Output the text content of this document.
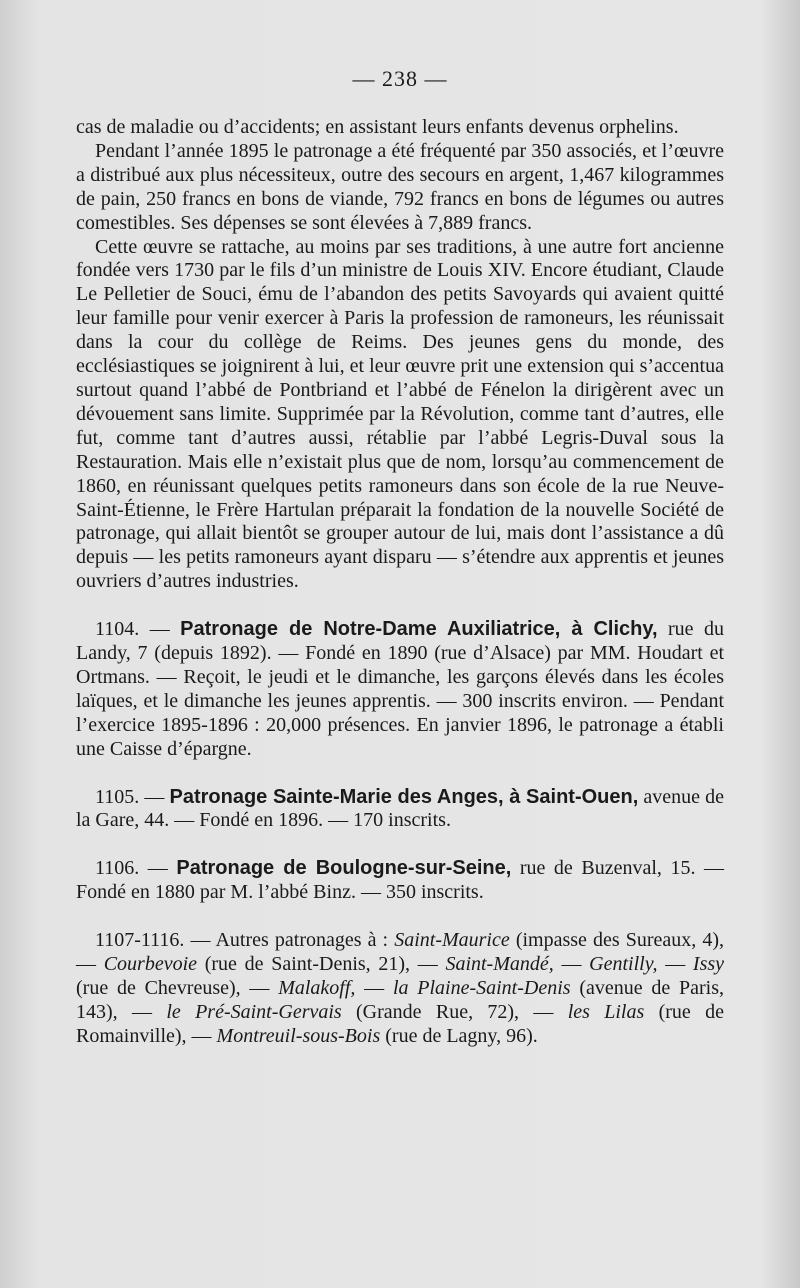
— 238 —

cas de maladie ou d’accidents; en assistant leurs enfants devenus orphelins.

Pendant l’année 1895 le patronage a été fréquenté par 350 associés, et l’œuvre a distribué aux plus nécessiteux, outre des secours en argent, 1,467 kilogrammes de pain, 250 francs en bons de viande, 792 francs en bons de légumes ou autres comestibles. Ses dépenses se sont élevées à 7,889 francs.

Cette œuvre se rattache, au moins par ses traditions, à une autre fort ancienne fondée vers 1730 par le fils d’un ministre de Louis XIV. Encore étudiant, Claude Le Pelletier de Souci, ému de l’abandon des petits Savoyards qui avaient quitté leur famille pour venir exercer à Paris la profession de ramoneurs, les réunissait dans la cour du collège de Reims. Des jeunes gens du monde, des ecclésiastiques se joignirent à lui, et leur œuvre prit une extension qui s’accentua surtout quand l’abbé de Pontbriand et l’abbé de Fénelon la dirigèrent avec un dévouement sans limite. Supprimée par la Révolution, comme tant d’autres, elle fut, comme tant d’autres aussi, rétablie par l’abbé Legris-Duval sous la Restauration. Mais elle n’existait plus que de nom, lorsqu’au commencement de 1860, en réunissant quelques petits ramoneurs dans son école de la rue Neuve-Saint-Étienne, le Frère Hartulan préparait la fondation de la nouvelle Société de patronage, qui allait bientôt se grouper autour de lui, mais dont l’assistance a dû depuis — les petits ramoneurs ayant disparu — s’étendre aux apprentis et jeunes ouvriers d’autres industries.

1104. — Patronage de Notre-Dame Auxiliatrice, à Clichy, rue du Landy, 7 (depuis 1892). — Fondé en 1890 (rue d’Alsace) par MM. Houdart et Ortmans. — Reçoit, le jeudi et le dimanche, les garçons élevés dans les écoles laïques, et le dimanche les jeunes apprentis. — 300 inscrits environ. — Pendant l’exercice 1895-1896 : 20,000 présences. En janvier 1896, le patronage a établi une Caisse d’épargne.

1105. — Patronage Sainte-Marie des Anges, à Saint-Ouen, avenue de la Gare, 44. — Fondé en 1896. — 170 inscrits.

1106. — Patronage de Boulogne-sur-Seine, rue de Buzenval, 15. — Fondé en 1880 par M. l’abbé Binz. — 350 inscrits.

1107-1116. — Autres patronages à : Saint-Maurice (impasse des Sureaux, 4), — Courbevoie (rue de Saint-Denis, 21), — Saint-Mandé, — Gentilly, — Issy (rue de Chevreuse), — Malakoff, — la Plaine-Saint-Denis (avenue de Paris, 143), — le Pré-Saint-Gervais (Grande Rue, 72), — les Lilas (rue de Romainville), — Montreuil-sous-Bois (rue de Lagny, 96).
